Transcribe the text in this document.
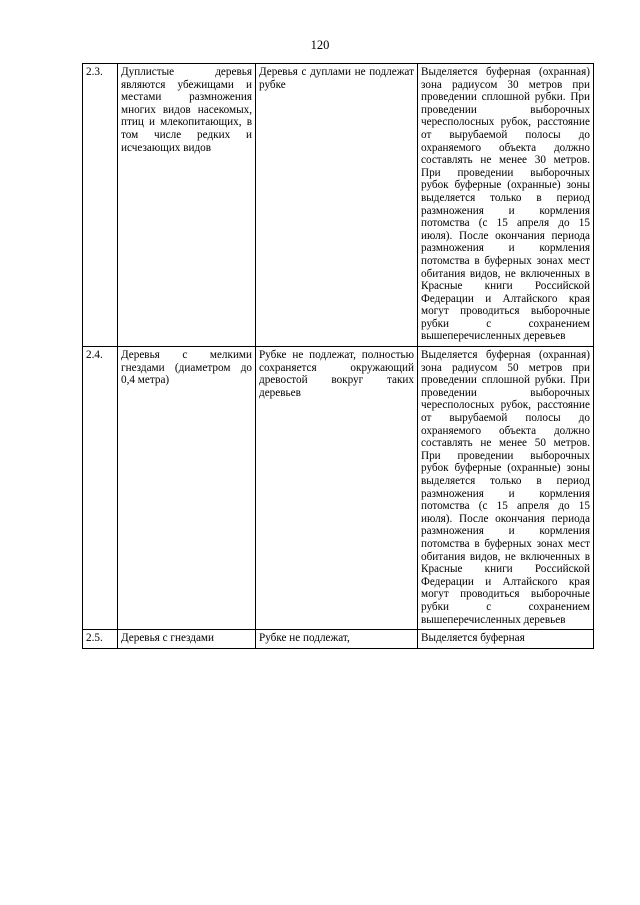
120
2.3.	Дуплистые деревья являются убежищами и местами размножения многих видов насекомых, птиц и млекопитающих, в том числе редких и исчезающих видов	Деревья с дуплами не подлежат рубке	Выделяется буферная (охранная) зона радиусом 30 метров при проведении сплошной рубки. При проведении выборочных чересполосных рубок, расстояние от вырубаемой полосы до охраняемого объекта должно составлять не менее 30 метров. При проведении выборочных рубок буферные (охранные) зоны выделяется только в период размножения и кормления потомства (с 15 апреля до 15 июля). После окончания периода размножения и кормления потомства в буферных зонах мест обитания видов, не включенных в Красные книги Российской Федерации и Алтайского края могут проводиться выборочные рубки с сохранением вышеперечисленных деревьев
2.4.	Деревья с мелкими гнездами (диаметром до 0,4 метра)	Рубке не подлежат, полностью сохраняется окружающий древостой вокруг таких деревьев	Выделяется буферная (охранная) зона радиусом 50 метров при проведении сплошной рубки. При проведении выборочных чересполосных рубок, расстояние от вырубаемой полосы до охраняемого объекта должно составлять не менее 50 метров. При проведении выборочных рубок буферные (охранные) зоны выделяется только в период размножения и кормления потомства (с 15 апреля до 15 июля). После окончания периода размножения и кормления потомства в буферных зонах мест обитания видов, не включенных в Красные книги Российской Федерации и Алтайского края могут проводиться выборочные рубки с сохранением вышеперечисленных деревьев
2.5.	Деревья с гнездами	Рубке не подлежат,	Выделяется буферная
